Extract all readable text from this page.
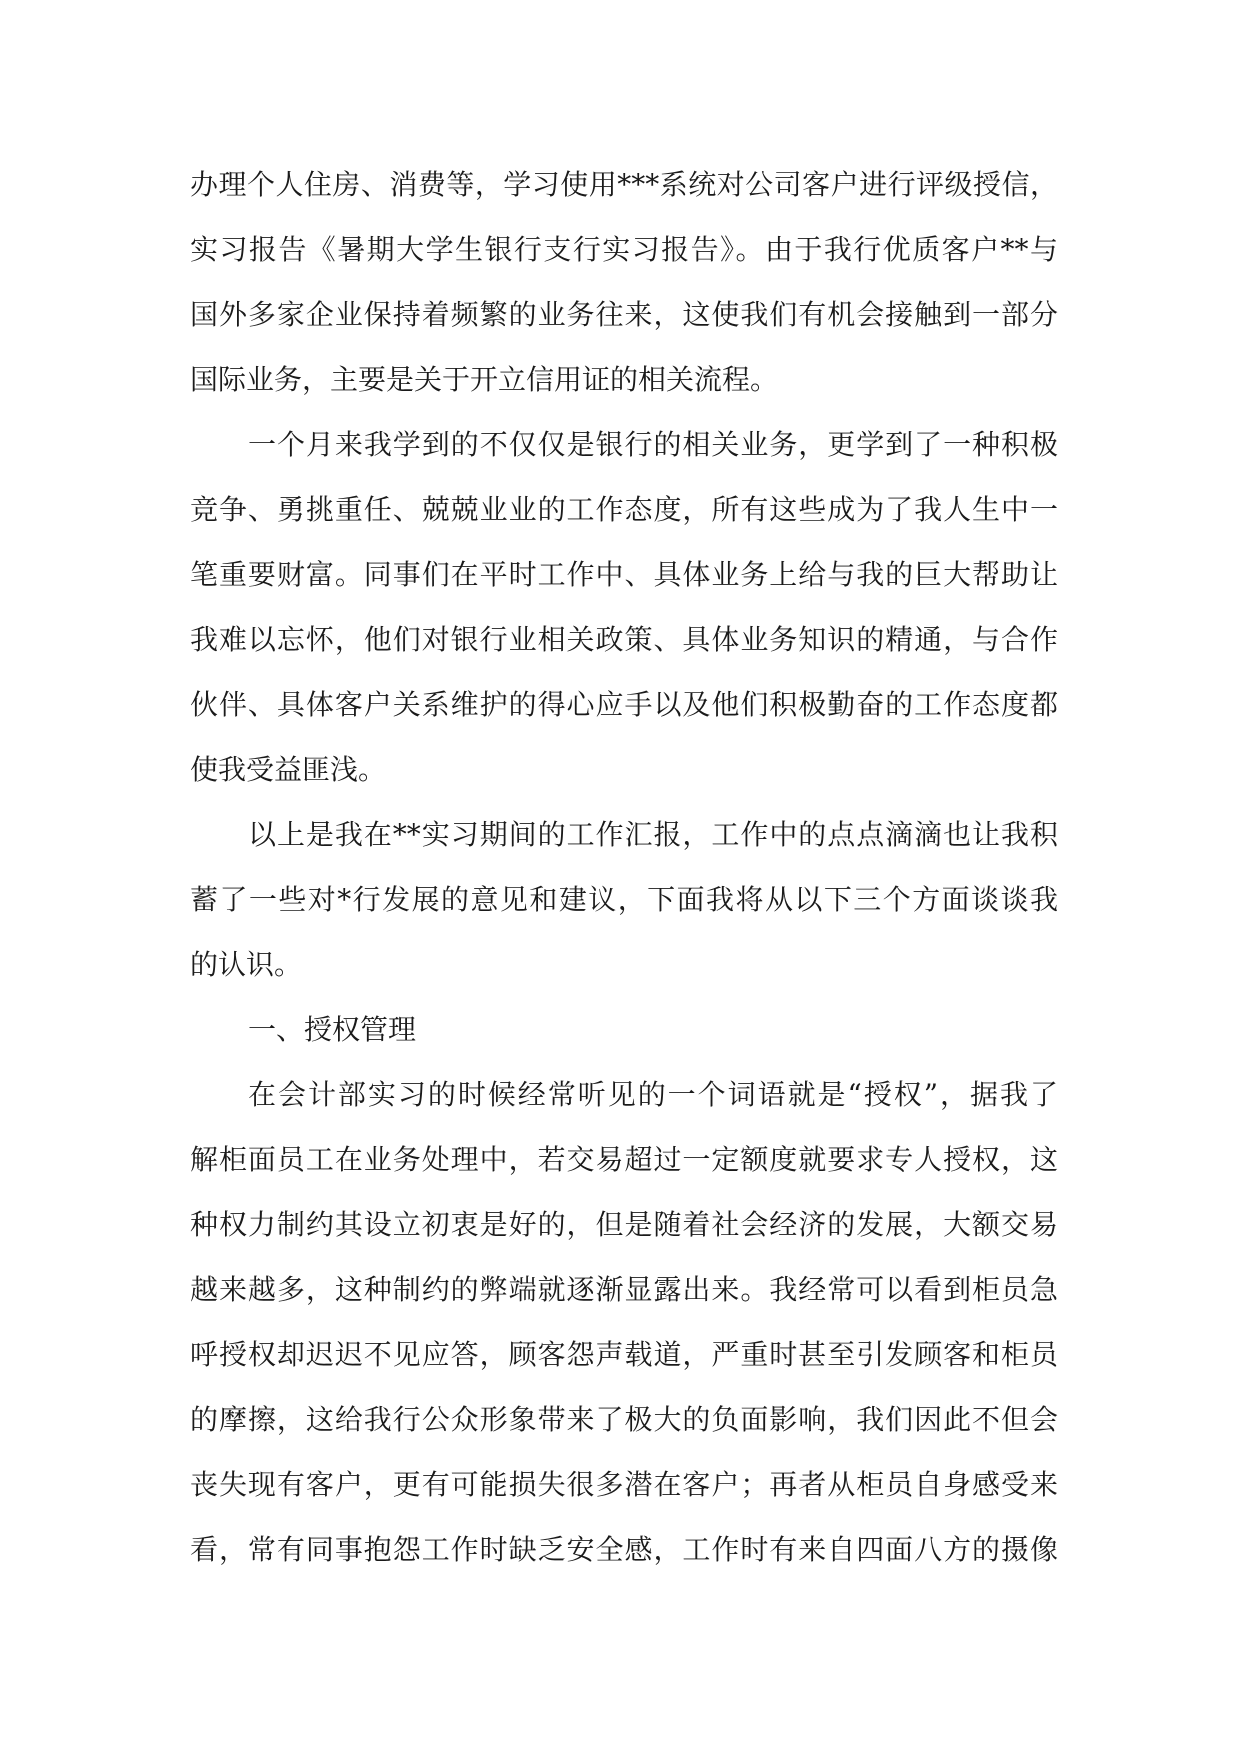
办理个人住房、消费等，学习使用***系统对公司客户进行评级授信，
实习报告《暑期大学生银行支行实习报告》。由于我行优质客户**与
国外多家企业保持着频繁的业务往来，这使我们有机会接触到一部分
国际业务，主要是关于开立信用证的相关流程。
一个月来我学到的不仅仅是银行的相关业务，更学到了一种积极
竞争、勇挑重任、兢兢业业的工作态度，所有这些成为了我人生中一
笔重要财富。同事们在平时工作中、具体业务上给与我的巨大帮助让
我难以忘怀，他们对银行业相关政策、具体业务知识的精通，与合作
伙伴、具体客户关系维护的得心应手以及他们积极勤奋的工作态度都
使我受益匪浅。
以上是我在**实习期间的工作汇报，工作中的点点滴滴也让我积
蓄了一些对*行发展的意见和建议，下面我将从以下三个方面谈谈我
的认识。
一、授权管理
在会计部实习的时候经常听见的一个词语就是“授权”，据我了
解柜面员工在业务处理中，若交易超过一定额度就要求专人授权，这
种权力制约其设立初衷是好的，但是随着社会经济的发展，大额交易
越来越多，这种制约的弊端就逐渐显露出来。我经常可以看到柜员急
呼授权却迟迟不见应答，顾客怨声载道，严重时甚至引发顾客和柜员
的摩擦，这给我行公众形象带来了极大的负面影响，我们因此不但会
丧失现有客户，更有可能损失很多潜在客户；再者从柜员自身感受来
看，常有同事抱怨工作时缺乏安全感，工作时有来自四面八方的摄像
